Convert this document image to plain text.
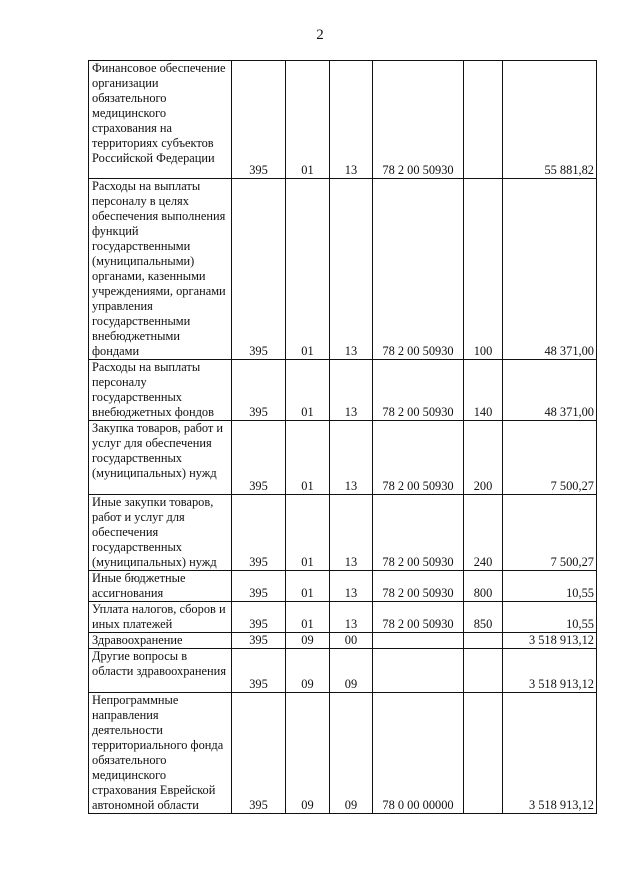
2
Финансовое обеспечение организации обязательного медицинского страхования на территориях субъектов Российской Федерации	395	01	13	78 2 00 50930		55 881,82

Расходы на выплаты персоналу в целях обеспечения выполнения функций государственными (муниципальными) органами, казенными учреждениями, органами управления государственными внебюджетными фондами	395	01	13	78 2 00 50930	100	48 371,00

Расходы на выплаты персоналу государственных внебюджетных фондов	395	01	13	78 2 00 50930	140	48 371,00

Закупка товаров, работ и услуг для обеспечения государственных (муниципальных) нужд	395	01	13	78 2 00 50930	200	7 500,27

Иные закупки товаров, работ и услуг для обеспечения государственных (муниципальных) нужд	395	01	13	78 2 00 50930	240	7 500,27

Иные бюджетные ассигнования	395	01	13	78 2 00 50930	800	10,55

Уплата налогов, сборов и иных платежей	395	01	13	78 2 00 50930	850	10,55

Здравоохранение	395	09	00			3 518 913,12

Другие вопросы в области здравоохранения	395	09	09			3 518 913,12

Непрограммные направления деятельности территориального фонда обязательного медицинского страхования Еврейской автономной области	395	09	09	78 0 00 00000		3 518 913,12
